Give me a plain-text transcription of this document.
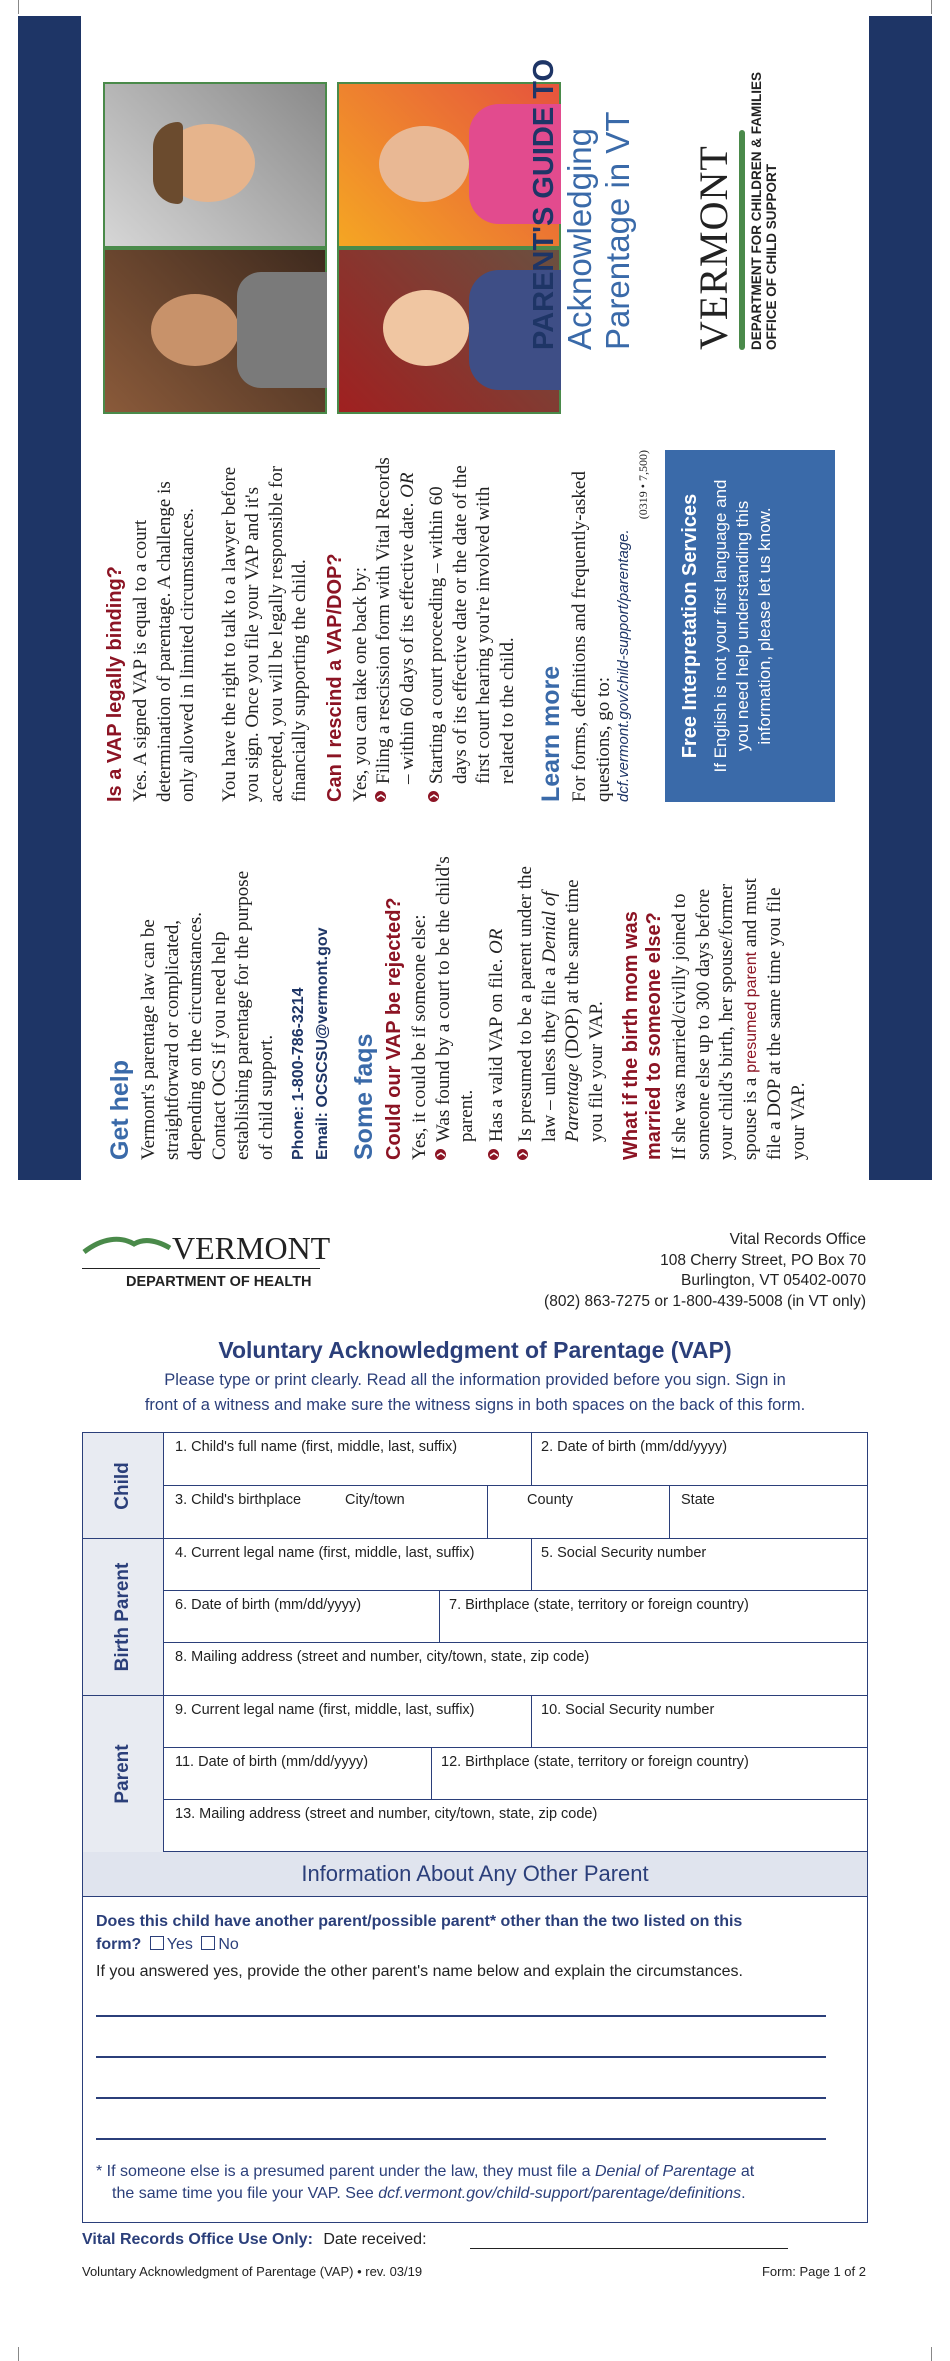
Get help Vermont's parentage law can be straightforward or complicated, depending on the circumstances. Contact OCS if you need help establishing parentage for the purpose of child support. Phone: 1-800-786-3214 Email: OCSCSU@vermont.gov Some faqs Could our VAP be rejected? Yes, it could be if someone else: ❯
Was found by a court to be the child's parent.
❯
Has a valid VAP on file. OR
❯
Is presumed to be a parent under the law – unless they file a Denial of Parentage (DOP) at the same time you file your VAP. What if the birth mom was married to someone else? If she was married/civilly joined to someone else up to 300 days before your child's birth, her spouse/former spouse is a presumed parent and must file a DOP at the same time you file your VAP.
Is a VAP legally binding? Yes. A signed VAP is equal to a court determination of parentage. A challenge is only allowed in limited circumstances. You have the right to talk to a lawyer before you sign. Once you file your VAP and it's accepted, you will be legally responsible for financially supporting the child. Can I rescind a VAP/DOP? Yes, you can take one back by: ❯
Filing a rescission form with Vital Records – within 60 days of its effective date. OR
❯
Starting a court proceeding – within 60 days of its effective date or the date of the first court hearing you're involved with related to the child. Learn more For forms, definitions and frequently-asked questions, go to: dcf.vermont.gov/child-support/parentage.
(0319 • 7,500)
Free Interpretation Services If English is not your first language and you need help understanding this information, please let us know.
PARENT'S GUIDE TO Acknowledging Parentage in VT VERMONT DEPARTMENT FOR CHILDREN & FAMILIES OFFICE OF CHILD SUPPORT
VERMONT
DEPARTMENT OF HEALTH
Vital Records Office
108 Cherry Street, PO Box 70
Burlington, VT 05402-0070
(802) 863-7275 or 1-800-439-5008 (in VT only)
Voluntary Acknowledgment of Parentage (VAP)
Please type or print clearly. Read all the information provided before you sign. Sign in
front of a witness and make sure the witness signs in both spaces on the back of this form.
Child
Birth Parent
Parent
1. Child's full name (first, middle, last, suffix)	2. Date of birth (mm/dd/yyyy)
3. Child's birthplace	City/town	County	State
4. Current legal name (first, middle, last, suffix)	5. Social Security number
6. Date of birth (mm/dd/yyyy)	7. Birthplace (state, territory or foreign country)
8. Mailing address (street and number, city/town, state, zip code)
9. Current legal name (first, middle, last, suffix)	10. Social Security number
11. Date of birth (mm/dd/yyyy)	12. Birthplace (state, territory or foreign country)
13. Mailing address (street and number, city/town, state, zip code)
Information About Any Other Parent
Does this child have another parent/possible parent* other than the two listed on this
form? Yes No
If you answered yes, provide the other parent's name below and explain the circumstances.
* If someone else is a presumed parent under the law, they must file a Denial of Parentage at
the same time you file your VAP. See dcf.vermont.gov/child-support/parentage/definitions.
Vital Records Office Use Only: Date received:
Voluntary Acknowledgment of Parentage (VAP) • rev. 03/19	Form: Page 1 of 2
